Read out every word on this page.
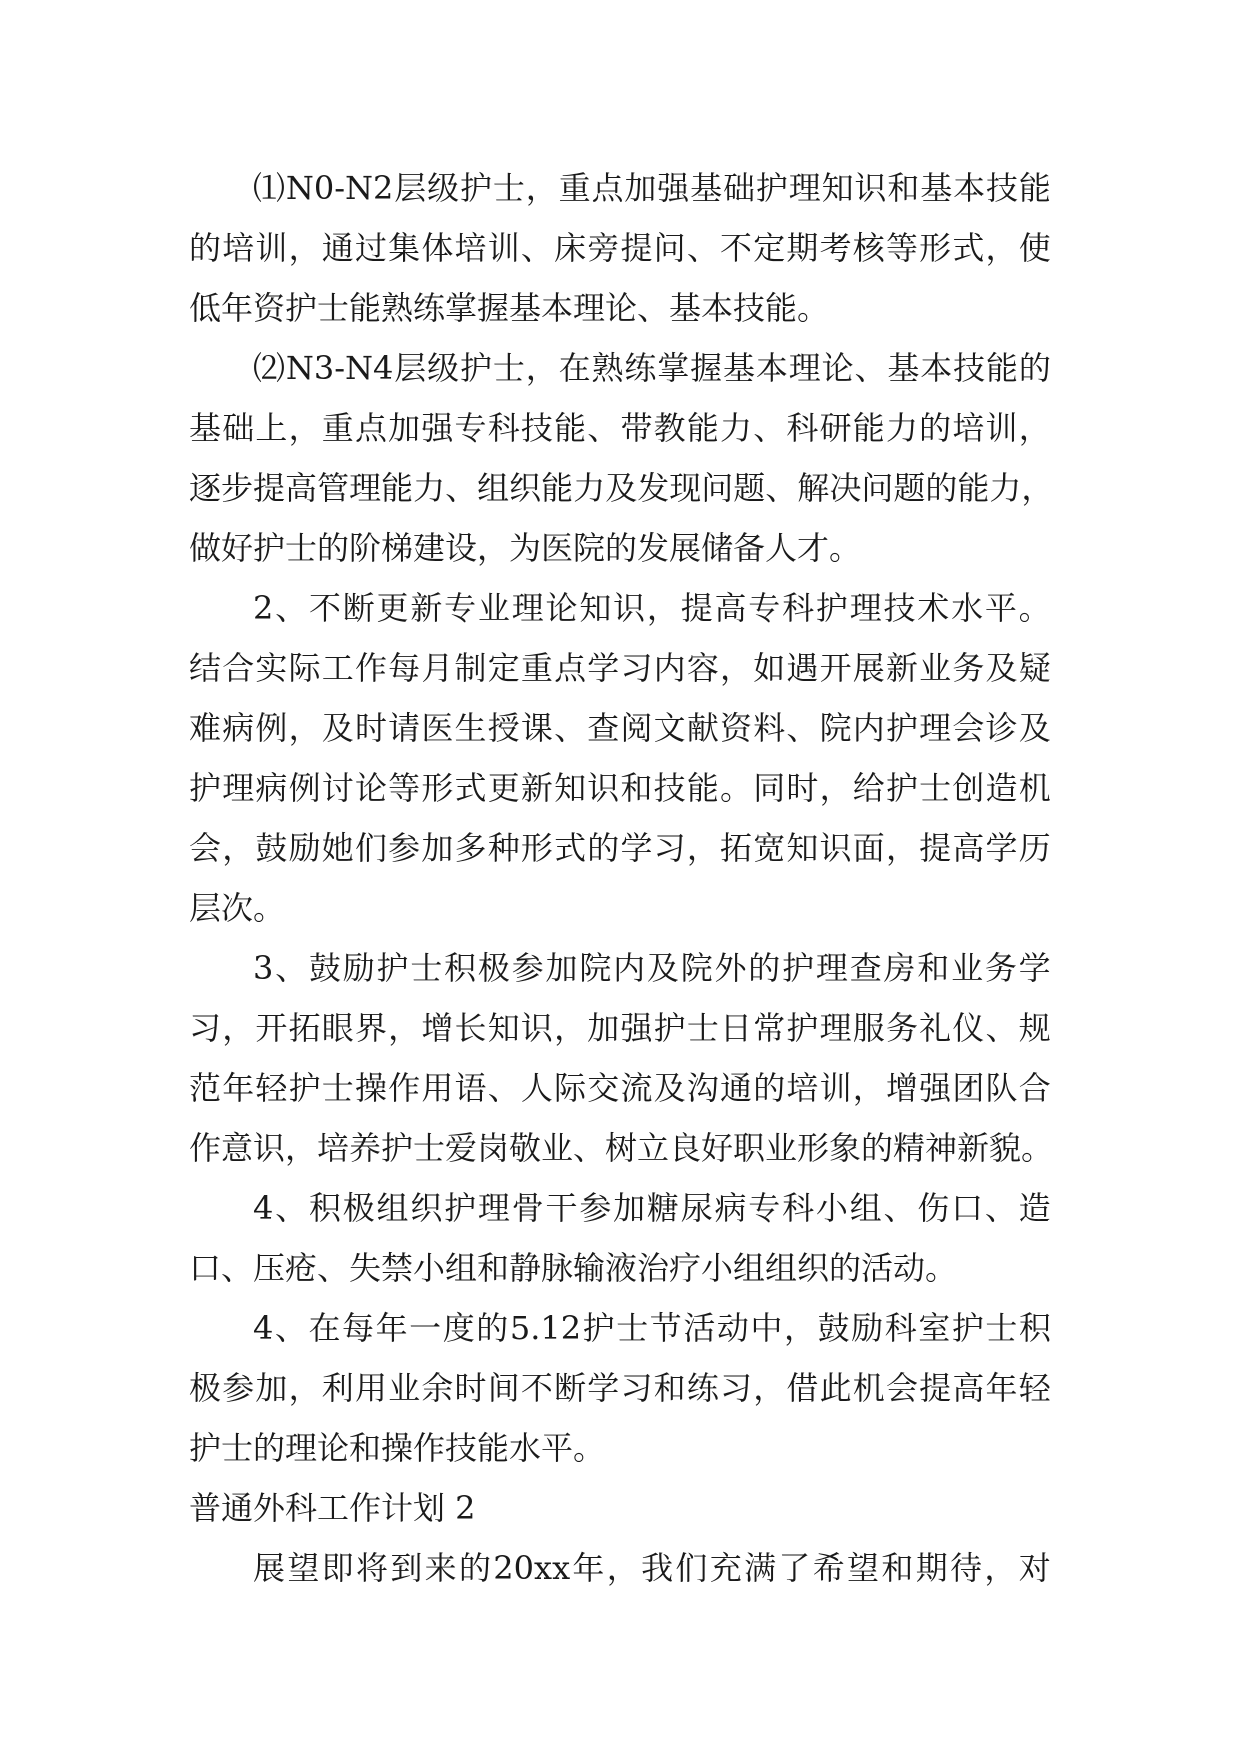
⑴ N0-N2 层 级 护 士 ， 重 点 加 强 基 础 护 理 知 识 和 基 本 技 能
的 培 训 ， 通 过 集 体 培 训 、 床 旁 提 问 、 不 定 期 考 核 等 形 式 ， 使
低年资护士能熟练掌握基本理论、基本技能。
⑵ N3-N4 层 级 护 士 ， 在 熟 练 掌 握 基 本 理 论 、 基 本 技 能 的
基 础 上 ， 重 点 加 强 专 科 技 能 、 带 教 能 力 、 科 研 能 力 的 培 训 ，
逐 步 提 高 管 理 能 力 、 组 织 能 力 及 发 现 问 题 、 解 决 问 题 的 能 力 ，
做好护士的阶梯建设，为医院的发展储备人才。
2 、 不 断 更 新 专 业 理 论 知 识 ， 提 高 专 科 护 理 技 术 水 平 。
结 合 实 际 工 作 每 月 制 定 重 点 学 习 内 容 ， 如 遇 开 展 新 业 务 及 疑
难 病 例 ， 及 时 请 医 生 授 课 、 查 阅 文 献 资 料 、 院 内 护 理 会 诊 及
护 理 病 例 讨 论 等 形 式 更 新 知 识 和 技 能 。 同 时 ， 给 护 士 创 造 机
会 ， 鼓 励 她 们 参 加 多 种 形 式 的 学 习 ， 拓 宽 知 识 面 ， 提 高 学 历
层次。
3 、 鼓 励 护 士 积 极 参 加 院 内 及 院 外 的 护 理 查 房 和 业 务 学
习 ， 开 拓 眼 界 ， 增 长 知 识 ， 加 强 护 士 日 常 护 理 服 务 礼 仪 、 规
范 年 轻 护 士 操 作 用 语 、 人 际 交 流 及 沟 通 的 培 训 ， 增 强 团 队 合
作意识，培养护士爱岗敬业、树立良好职业形象的精神新貌。
4 、 积 极 组 织 护 理 骨 干 参 加 糖 尿 病 专 科 小 组 、 伤 口 、 造
口、压疮、失禁小组和静脉输液治疗小组组织的活动。
4 、 在 每 年 一 度 的 5.12 护 士 节 活 动 中 ， 鼓 励 科 室 护 士 积
极 参 加 ， 利 用 业 余 时 间 不 断 学 习 和 练 习 ， 借 此 机 会 提 高 年 轻
护士的理论和操作技能水平。
普通外科工作计划 2
展 望 即 将 到 来 的 20xx 年 ， 我 们 充 满 了 希 望 和 期 待 ， 对
